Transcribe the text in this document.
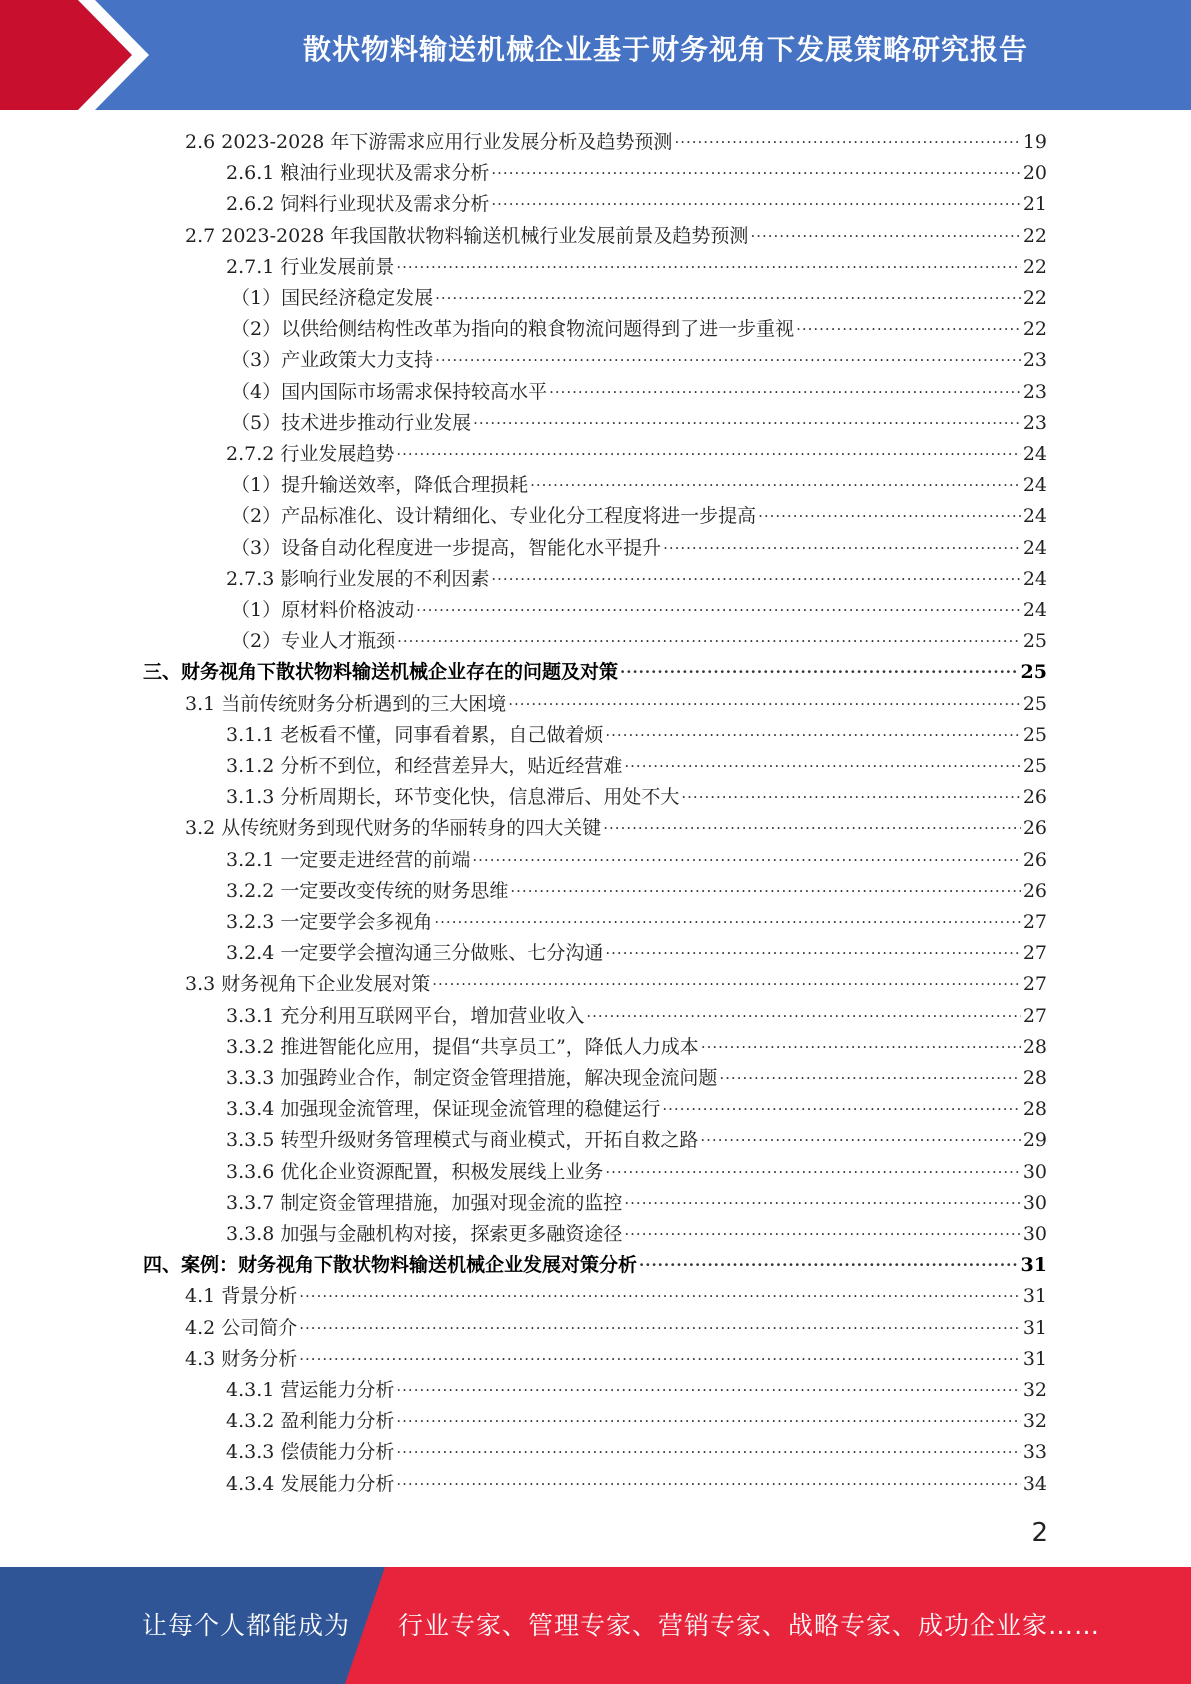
散状物料输送机械企业基于财务视角下发展策略研究报告
2.6 2023-2028 年下游需求应用行业发展分析及趋势预测 .....	19
2.6.1 粮油行业现状及需求分析 .....	20
2.6.2 饲料行业现状及需求分析 .....	21
2.7 2023-2028 年我国散状物料输送机械行业发展前景及趋势预测 .....	22
2.7.1 行业发展前景 .....	22
（1）国民经济稳定发展 .....	22
（2）以供给侧结构性改革为指向的粮食物流问题得到了进一步重视 .....	22
（3）产业政策大力支持 .....	23
（4）国内国际市场需求保持较高水平 .....	23
（5）技术进步推动行业发展 .....	23
2.7.2 行业发展趋势 .....	24
（1）提升输送效率，降低合理损耗 .....	24
（2）产品标准化、设计精细化、专业化分工程度将进一步提高 .....	24
（3）设备自动化程度进一步提高，智能化水平提升 .....	24
2.7.3 影响行业发展的不利因素 .....	24
（1）原材料价格波动 .....	24
（2）专业人才瓶颈 .....	25
三、财务视角下散状物料输送机械企业存在的问题及对策 .....	25
3.1 当前传统财务分析遇到的三大困境 .....	25
3.1.1 老板看不懂，同事看着累，自己做着烦 .....	25
3.1.2 分析不到位，和经营差异大，贴近经营难 .....	25
3.1.3 分析周期长，环节变化快，信息滞后、用处不大 .....	26
3.2 从传统财务到现代财务的华丽转身的四大关键 .....	26
3.2.1 一定要走进经营的前端 .....	26
3.2.2 一定要改变传统的财务思维 .....	26
3.2.3 一定要学会多视角 .....	27
3.2.4 一定要学会擅沟通三分做账、七分沟通 .....	27
3.3 财务视角下企业发展对策 .....	27
3.3.1 充分利用互联网平台，增加营业收入 .....	27
3.3.2 推进智能化应用，提倡“共享员工”，降低人力成本 .....	28
3.3.3 加强跨业合作，制定资金管理措施，解决现金流问题 .....	28
3.3.4 加强现金流管理，保证现金流管理的稳健运行 .....	28
3.3.5 转型升级财务管理模式与商业模式，开拓自救之路 .....	29
3.3.6 优化企业资源配置，积极发展线上业务 .....	30
3.3.7 制定资金管理措施，加强对现金流的监控 .....	30
3.3.8 加强与金融机构对接，探索更多融资途径 .....	30
四、案例：财务视角下散状物料输送机械企业发展对策分析 .....	31
4.1 背景分析 .....	31
4.2 公司简介 .....	31
4.3 财务分析 .....	31
4.3.1 营运能力分析 .....	32
4.3.2 盈利能力分析 .....	32
4.3.3 偿债能力分析 .....	33
4.3.4 发展能力分析 .....	34
2
让每个人都能成为 行业专家、管理专家、营销专家、战略专家、成功企业家……
